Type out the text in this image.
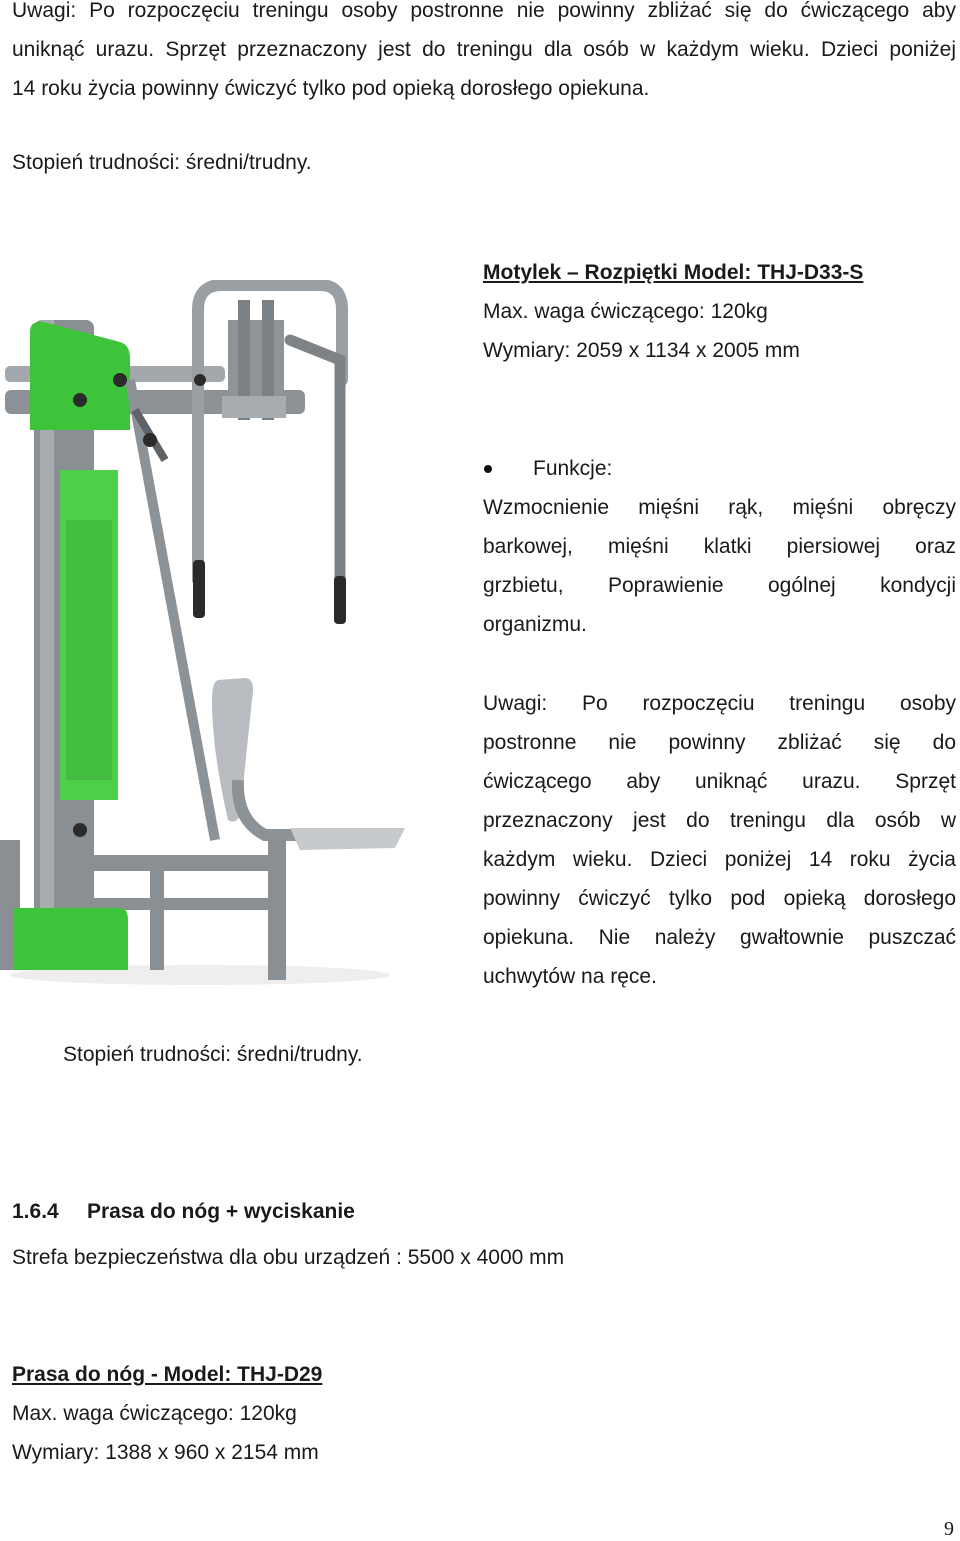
Uwagi: Po rozpoczęciu treningu osoby postronne nie powinny zbliżać się do ćwiczącego aby

uniknąć urazu. Sprzęt przeznaczony jest do treningu dla osób w każdym wieku. Dzieci poniżej

14 roku życia powinny ćwiczyć tylko pod opieką dorosłego opiekuna.

Stopień trudności: średni/trudny.

Motylek – Rozpiętki Model: THJ-D33-S

Max. waga ćwiczącego: 120kg

Wymiary: 2059 x 1134 x 2005 mm

Funkcje:

Wzmocnienie mięśni rąk, mięśni obręczy

barkowej, mięśni klatki piersiowej oraz

grzbietu, Poprawienie ogólnej kondycji

organizmu.

Uwagi: Po rozpoczęciu treningu osoby

postronne nie powinny zbliżać się do

ćwiczącego aby uniknąć urazu. Sprzęt

przeznaczony jest do treningu dla osób w

każdym wieku. Dzieci poniżej 14 roku życia

powinny ćwiczyć tylko pod opieką dorosłego

opiekuna. Nie należy gwałtownie puszczać

uchwytów na ręce.

Stopień trudności: średni/trudny.

1.6.4 Prasa do nóg + wyciskanie

Strefa bezpieczeństwa dla obu urządzeń : 5500 x 4000 mm

Prasa do nóg - Model: THJ-D29

Max. waga ćwiczącego: 120kg

Wymiary: 1388 x 960 x 2154 mm

9
